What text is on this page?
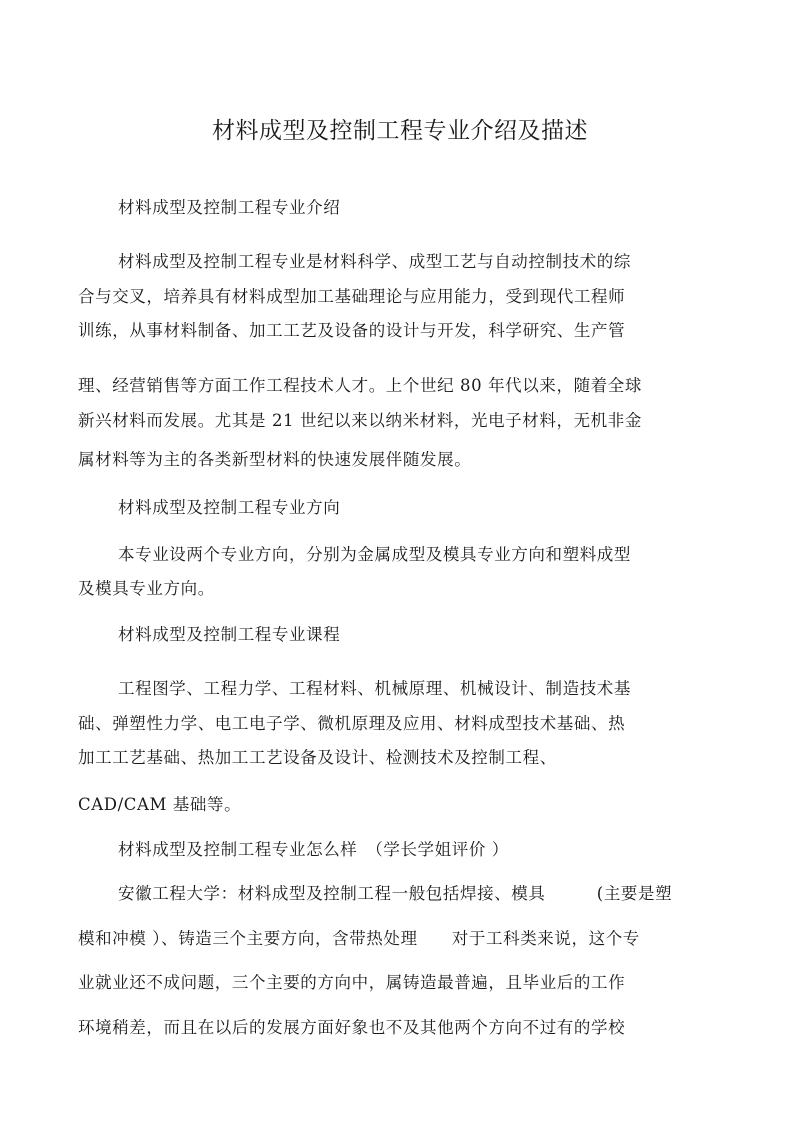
材料成型及控制工程专业介绍及描述
材料成型及控制工程专业介绍
材料成型及控制工程专业是材料科学、成型工艺与自动控制技术的综
合与交叉，培养具有材料成型加工基础理论与应用能力，受到现代工程师
训练，从事材料制备、加工工艺及设备的设计与开发，科学研究、生产管
理、经营销售等方面工作工程技术人才。上个世纪 80 年代以来，随着全球
新兴材料而发展。尤其是 21 世纪以来以纳米材料，光电子材料，无机非金
属材料等为主的各类新型材料的快速发展伴随发展。
材料成型及控制工程专业方向
本专业设两个专业方向，分别为金属成型及模具专业方向和塑料成型
及模具专业方向。
材料成型及控制工程专业课程
工程图学、工程力学、工程材料、机械原理、机械设计、制造技术基
础、弹塑性力学、电工电子学、微机原理及应用、材料成型技术基础、热
加工工艺基础、热加工工艺设备及设计、检测技术及控制工程、
CAD/CAM 基础等。
材料成型及控制工程专业怎么样　（学长学姐评价 ）
安徽工程大学：材料成型及控制工程一般包括焊接、模具　　　(主要是塑
模和冲模 ）、铸造三个主要方向，含带热处理　　对于工科类来说，这个专
业就业还不成问题，三个主要的方向中，属铸造最普遍，且毕业后的工作
环境稍差，而且在以后的发展方面好象也不及其他两个方向不过有的学校
